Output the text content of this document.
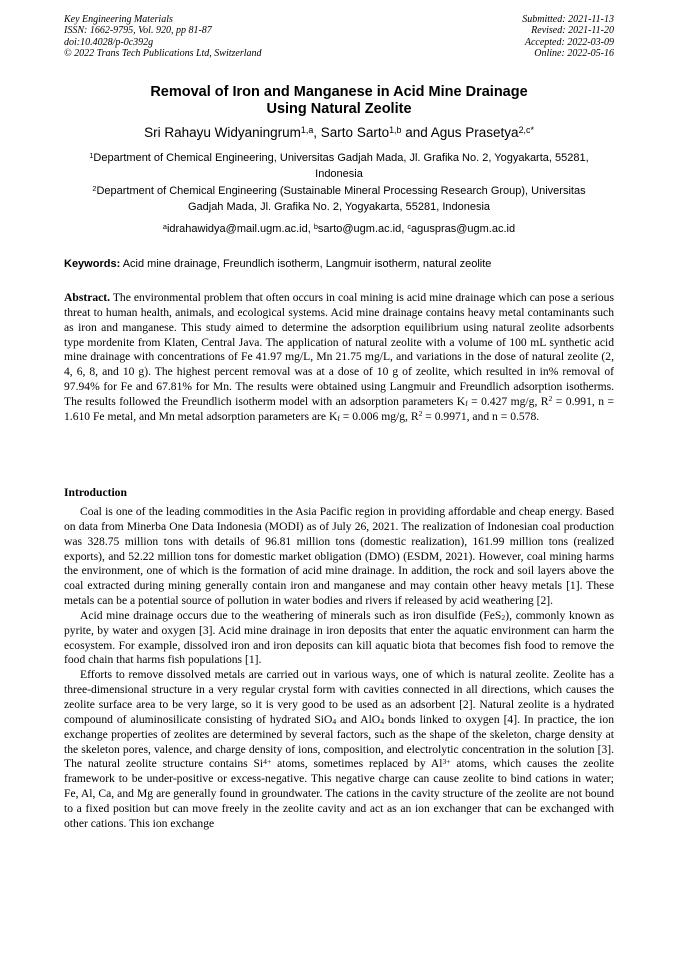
Key Engineering Materials
ISSN: 1662-9795, Vol. 920, pp 81-87
doi:10.4028/p-0c392g
© 2022 Trans Tech Publications Ltd, Switzerland
Submitted: 2021-11-13
Revised: 2021-11-20
Accepted: 2022-03-09
Online: 2022-05-16
Removal of Iron and Manganese in Acid Mine Drainage
Using Natural Zeolite
Sri Rahayu Widyaningrum$^{1,a}$, Sarto Sarto$^{1,b}$ and Agus Prasetya$^{2,c*}$
$^1$Department of Chemical Engineering, Universitas Gadjah Mada, Jl. Grafika No. 2, Yogyakarta, 55281, Indonesia
$^2$Department of Chemical Engineering (Sustainable Mineral Processing Research Group), Universitas Gadjah Mada, Jl. Grafika No. 2, Yogyakarta, 55281, Indonesia
$^a$idrahawidya@mail.ugm.ac.id, $^b$sarto@ugm.ac.id, $^c$aguspras@ugm.ac.id
Keywords: Acid mine drainage, Freundlich isotherm, Langmuir isotherm, natural zeolite
Abstract. The environmental problem that often occurs in coal mining is acid mine drainage which can pose a serious threat to human health, animals, and ecological systems. Acid mine drainage contains heavy metal contaminants such as iron and manganese. This study aimed to determine the adsorption equilibrium using natural zeolite adsorbents type mordenite from Klaten, Central Java. The application of natural zeolite with a volume of 100 mL synthetic acid mine drainage with concentrations of Fe 41.97 mg/L, Mn 21.75 mg/L, and variations in the dose of natural zeolite (2, 4, 6, 8, and 10 g). The highest percent removal was at a dose of 10 g of zeolite, which resulted in in% removal of 97.94% for Fe and 67.81% for Mn. The results were obtained using Langmuir and Freundlich adsorption isotherms. The results followed the Freundlich isotherm model with an adsorption parameters $K_f = 0.427$ mg/g, $R^2 = 0.991$, n = 1.610 Fe metal, and Mn metal adsorption parameters are $K_f = 0.006$ mg/g, $R^2 = 0.9971$, and n = 0.578.
Introduction

Coal is one of the leading commodities in the Asia Pacific region in providing affordable and cheap energy. Based on data from Minerba One Data Indonesia (MODI) as of July 26, 2021. The realization of Indonesian coal production was 328.75 million tons with details of 96.81 million tons (domestic realization), 161.99 million tons (realized exports), and 52.22 million tons for domestic market obligation (DMO) (ESDM, 2021). However, coal mining harms the environment, one of which is the formation of acid mine drainage. In addition, the rock and soil layers above the coal extracted during mining generally contain iron and manganese and may contain other heavy metals [1]. These metals can be a potential source of pollution in water bodies and rivers if released by acid weathering [2].

Acid mine drainage occurs due to the weathering of minerals such as iron disulfide (FeS$_2$), commonly known as pyrite, by water and oxygen [3]. Acid mine drainage in iron deposits that enter the aquatic environment can harm the ecosystem. For example, dissolved iron and iron deposits can kill aquatic biota that becomes fish food to remove the food chain that harms fish populations [1].

Efforts to remove dissolved metals are carried out in various ways, one of which is natural zeolite. Zeolite has a three-dimensional structure in a very regular crystal form with cavities connected in all directions, which causes the zeolite surface area to be very large, so it is very good to be used as an adsorbent [2]. Natural zeolite is a hydrated compound of aluminosilicate consisting of hydrated SiO$_4$ and AlO$_4$ bonds linked to oxygen [4]. In practice, the ion exchange properties of zeolites are determined by several factors, such as the shape of the skeleton, charge density at the skeleton pores, valence, and charge density of ions, composition, and electrolytic concentration in the solution [3]. The natural zeolite structure contains $Si^{4+}$ atoms, sometimes replaced by $Al^{3+}$ atoms, which causes the zeolite framework to be under-positive or excess-negative. This negative charge can cause zeolite to bind cations in water; Fe, Al, Ca, and Mg are generally found in groundwater. The cations in the cavity structure of the zeolite are not bound to a fixed position but can move freely in the zeolite cavity and act as an ion exchanger that can be exchanged with other cations. This ion exchange
